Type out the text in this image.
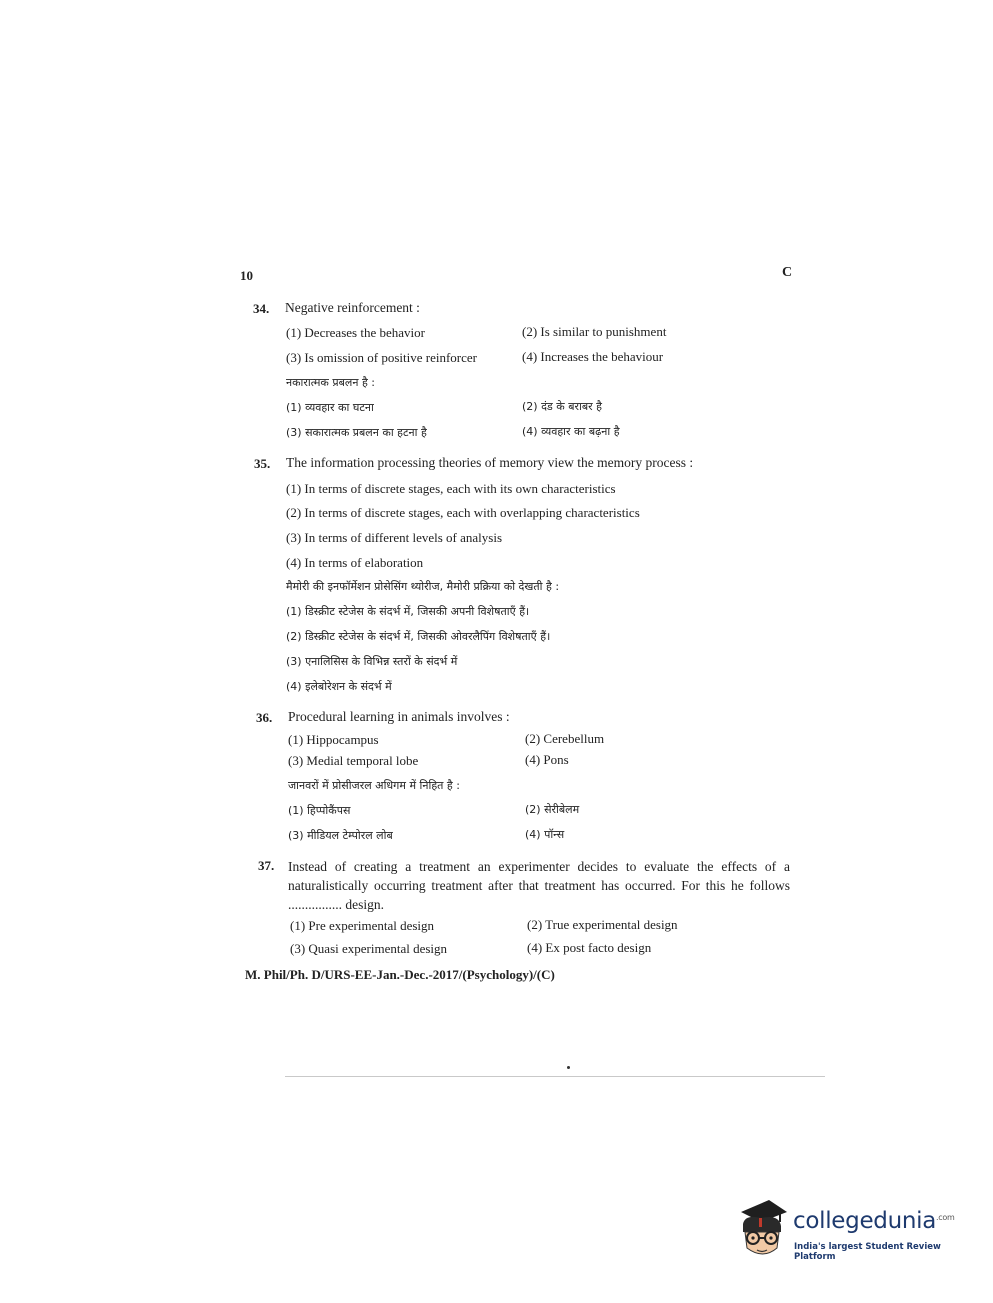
10	C
34. Negative reinforcement :
(1) Decreases the behavior	(2) Is similar to punishment
(3) Is omission of positive reinforcer	(4) Increases the behaviour
नकारात्मक प्रबलन है :
(1) व्यवहार का घटना	(2) दंड के बराबर है
(3) सकारात्मक प्रबलन का हटना है	(4) व्यवहार का बढ़ना है
35. The information processing theories of memory view the memory process :
(1) In terms of discrete stages, each with its own characteristics
(2) In terms of discrete stages, each with overlapping characteristics
(3) In terms of different levels of analysis
(4) In terms of elaboration
मैमोरी की इनफॉर्मेशन प्रोसेसिंग थ्योरीज, मैमोरी प्रक्रिया को देखती है :
(1) डिस्क्रीट स्टेजेस के संदर्भ में, जिसकी अपनी विशेषताएँ हैं।
(2) डिस्क्रीट स्टेजेस के संदर्भ में, जिसकी ओवरलैपिंग विशेषताएँ हैं।
(3) एनालिसिस के विभिन्न स्तरों के संदर्भ में
(4) इलेबोरेशन के संदर्भ में
36. Procedural learning in animals involves :
(1) Hippocampus	(2) Cerebellum
(3) Medial temporal lobe	(4) Pons
जानवरों में प्रोसीजरल अधिगम में निहित है :
(1) हिप्पोकैंपस	(2) सेरीबेलम
(3) मीडियल टेम्पोरल लोब	(4) पॉन्स
37. Instead of creating a treatment an experimenter decides to evaluate the effects of a naturalistically occurring treatment after that treatment has occurred. For this he follows ................ design.
(1) Pre experimental design	(2) True experimental design
(3) Quasi experimental design	(4) Ex post facto design
M. Phil/Ph. D/URS-EE-Jan.-Dec.-2017/(Psychology)/(C)
collegedunia$^{.com}$
India's largest Student Review Platform
